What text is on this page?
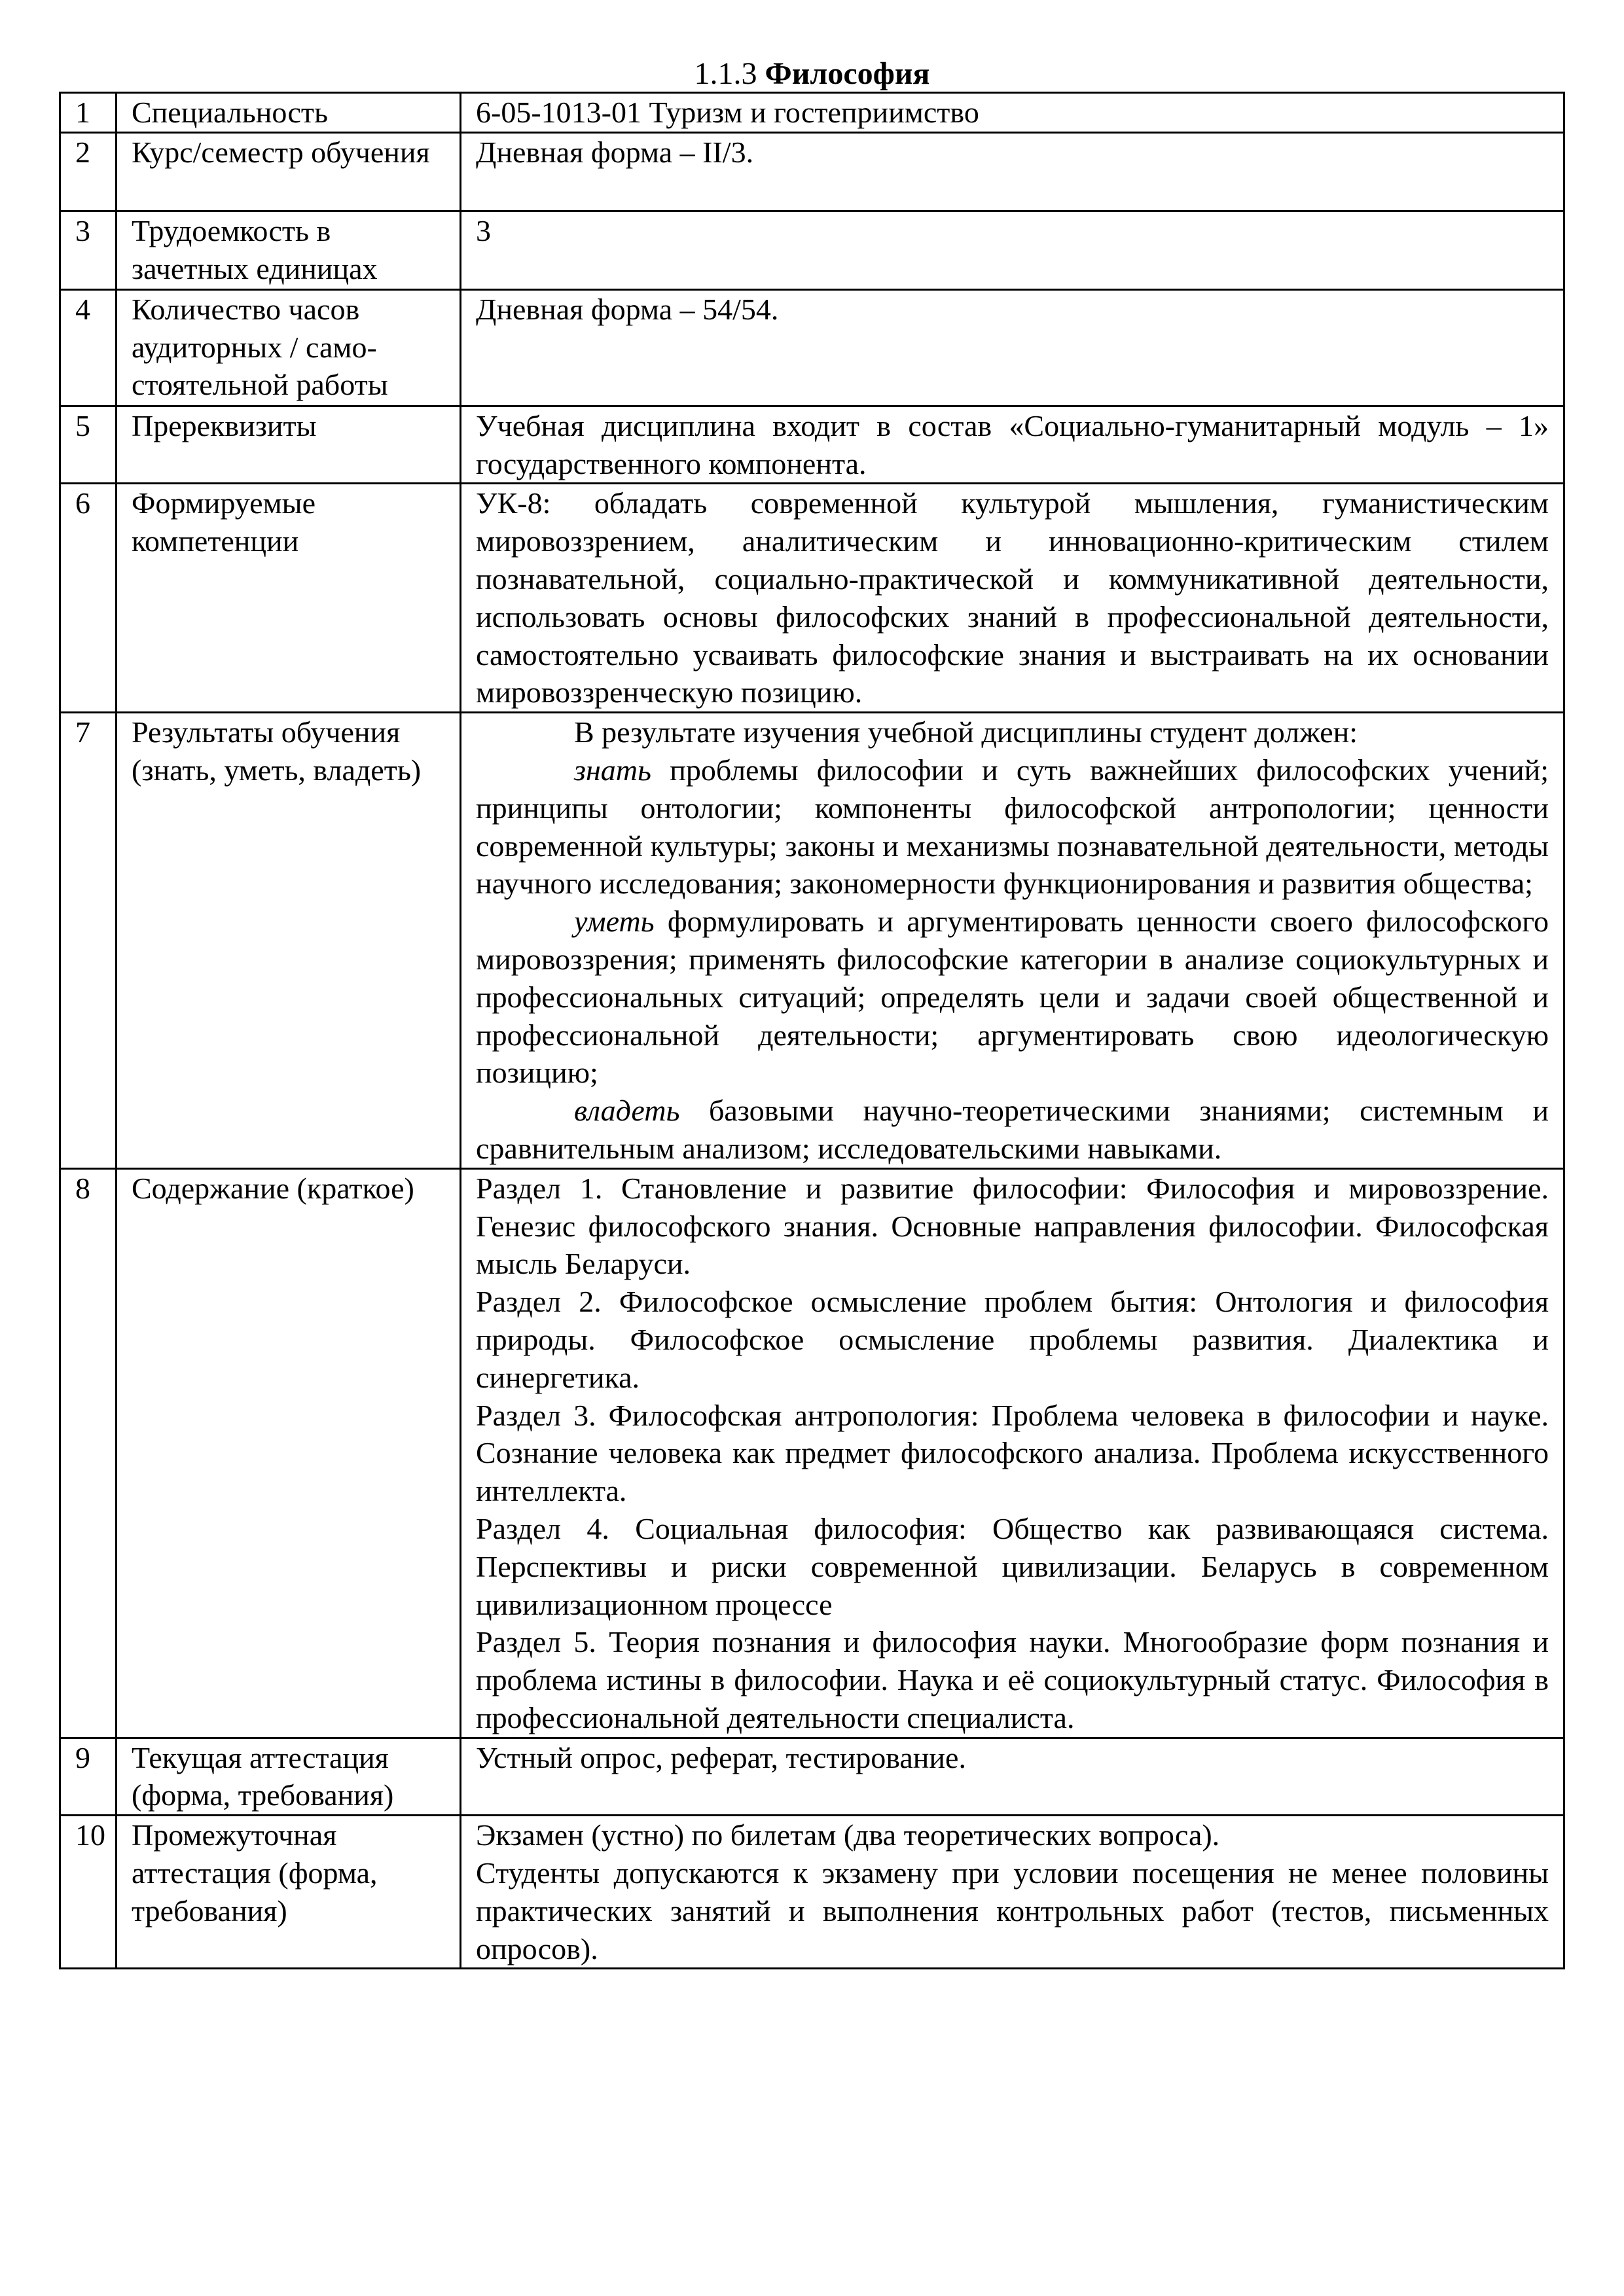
1.1.3 Философия
1	Специальность	6-05-1013-01 Туризм и гостеприимство
2	Курс/семестр обучения	Дневная форма – II/3.
3	Трудоемкость в зачетных единицах	3
4	Количество часов аудиторных / само-стоятельной работы	Дневная форма – 54/54.
5	Пререквизиты	Учебная дисциплина входит в состав «Социально-гуманитарный модуль – 1» государственного компонента.
6	Формируемые компетенции	УК-8: обладать современной культурой мышления, гуманистическим мировоззрением, аналитическим и инновационно-критическим стилем познавательной, социально-практической и коммуникативной деятельности, использовать основы философских знаний в профессиональной деятельности, самостоятельно усваивать философские знания и выстраивать на их основании мировоззренческую позицию.
7	Результаты обучения (знать, уметь, владеть)	В результате изучения учебной дисциплины студент должен:

знать проблемы философии и суть важнейших философских учений; принципы онтологии; компоненты философской антропологии; ценности современной культуры; законы и механизмы познавательной деятельности, методы научного исследования; закономерности функционирования и развития общества;

уметь формулировать и аргументировать ценности своего философского мировоззрения; применять философские категории в анализе социокультурных и профессиональных ситуаций; определять цели и задачи своей общественной и профессиональной деятельности; аргументировать свою идеологическую позицию;

владеть базовыми научно-теоретическими знаниями; системным и сравнительным анализом; исследовательскими навыками.

8	Содержание (краткое)	Раздел 1. Становление и развитие философии: Философия и мировоззрение. Генезис философского знания. Основные направления философии. Философская мысль Беларуси.

Раздел 2. Философское осмысление проблем бытия: Онтология и философия природы. Философское осмысление проблемы развития. Диалектика и синергетика.

Раздел 3. Философская антропология: Проблема человека в философии и науке. Сознание человека как предмет философского анализа. Проблема искусственного интеллекта.

Раздел 4. Социальная философия: Общество как развивающаяся система. Перспективы и риски современной цивилизации. Беларусь в современном цивилизационном процессе

Раздел 5. Теория познания и философия науки. Многообразие форм познания и проблема истины в философии. Наука и её социокультурный статус. Философия в профессиональной деятельности специалиста.

9	Текущая аттестация (форма, требования)	Устный опрос, реферат, тестирование.
10	Промежуточная аттестация (форма, требования)	Экзамен (устно) по билетам (два теоретических вопроса).

Студенты допускаются к экзамену при условии посещения не менее половины практических занятий и выполнения контрольных работ (тестов, письменных опросов).
